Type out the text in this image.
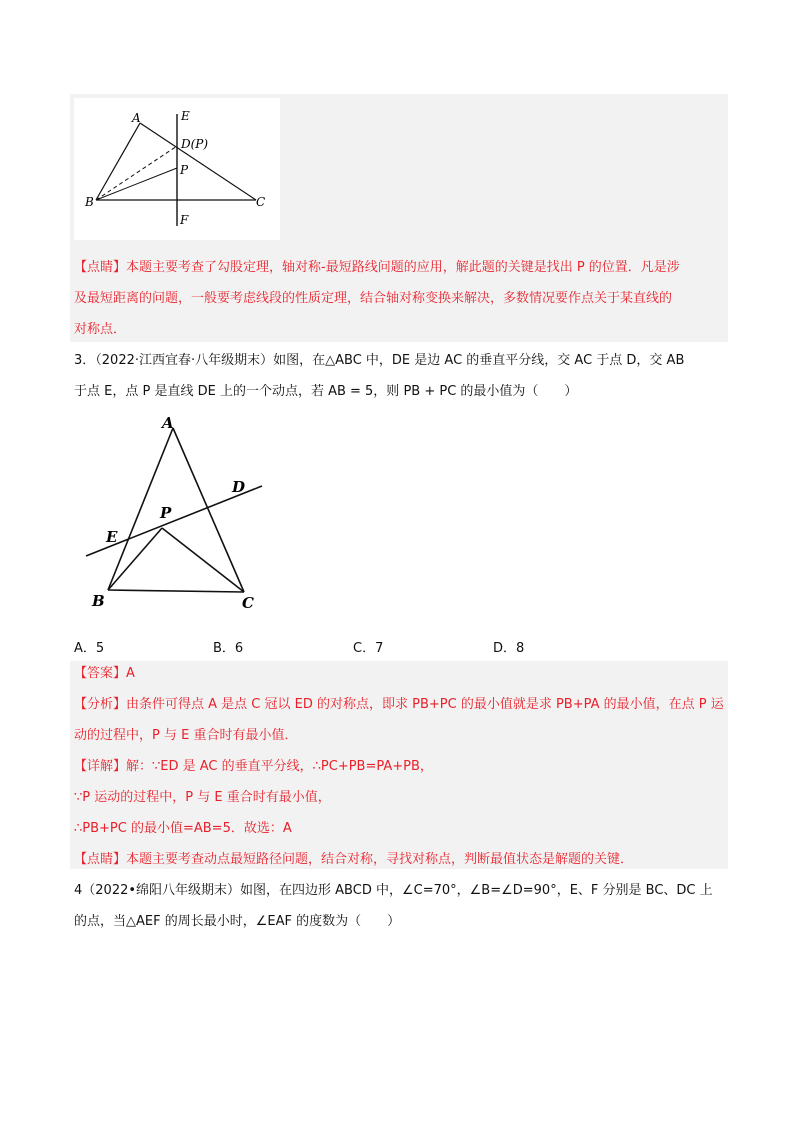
A	E
D(P)
P
B	C
F
【点睛】本题主要考查了勾股定理，轴对称-最短路线问题的应用，解此题的关键是找出 P 的位置．凡是涉
及最短距离的问题，一般要考虑线段的性质定理，结合轴对称变换来解决，多数情况要作点关于某直线的
对称点．
3．（2022·江西宜春·八年级期末）如图，在△ABC 中，DE 是边 AC 的垂直平分线，交 AC 于点 D，交 AB
于点 E，点 P 是直线 DE 上的一个动点，若 AB = 5，则 PB + PC 的最小值为（　　）
A
D
P
E
B	C
A．5	B．6	C．7	D．8
【答案】A
【分析】由条件可得点 A 是点 C 冠以 ED 的对称点，即求 PB+PC 的最小值就是求 PB+PA 的最小值，在点 P 运
动的过程中，P 与 E 重合时有最小值．
【详解】解：∵ED 是 AC 的垂直平分线，∴PC+PB=PA+PB，
∵P 运动的过程中，P 与 E 重合时有最小值，
∴PB+PC 的最小值=AB=5．故选：A
【点睛】本题主要考查动点最短路径问题，结合对称，寻找对称点，判断最值状态是解题的关键．
4（2022•绵阳八年级期末）如图，在四边形 ABCD 中，∠C=70°，∠B=∠D=90°，E、F 分别是 BC、DC 上
的点，当△AEF 的周长最小时，∠EAF 的度数为（　　）
